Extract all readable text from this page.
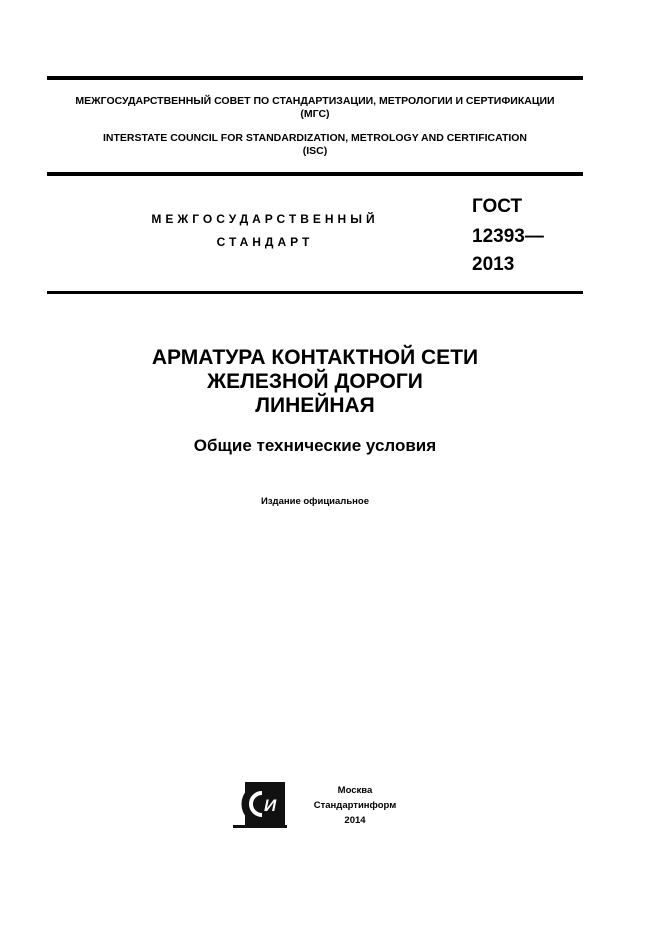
МЕЖГОСУДАРСТВЕННЫЙ СОВЕТ ПО СТАНДАРТИЗАЦИИ, МЕТРОЛОГИИ И СЕРТИФИКАЦИИ
(МГС)
INTERSTATE COUNCIL FOR STANDARDIZATION, METROLOGY AND CERTIFICATION
(ISC)
МЕЖГОСУДАРСТВЕННЫЙ
СТАНДАРТ
ГОСТ
12393—
2013
АРМАТУРА КОНТАКТНОЙ СЕТИ
ЖЕЛЕЗНОЙ ДОРОГИ
ЛИНЕЙНАЯ
Общие технические условия
Издание официальное
И
Москва
Стандартинформ
2014
